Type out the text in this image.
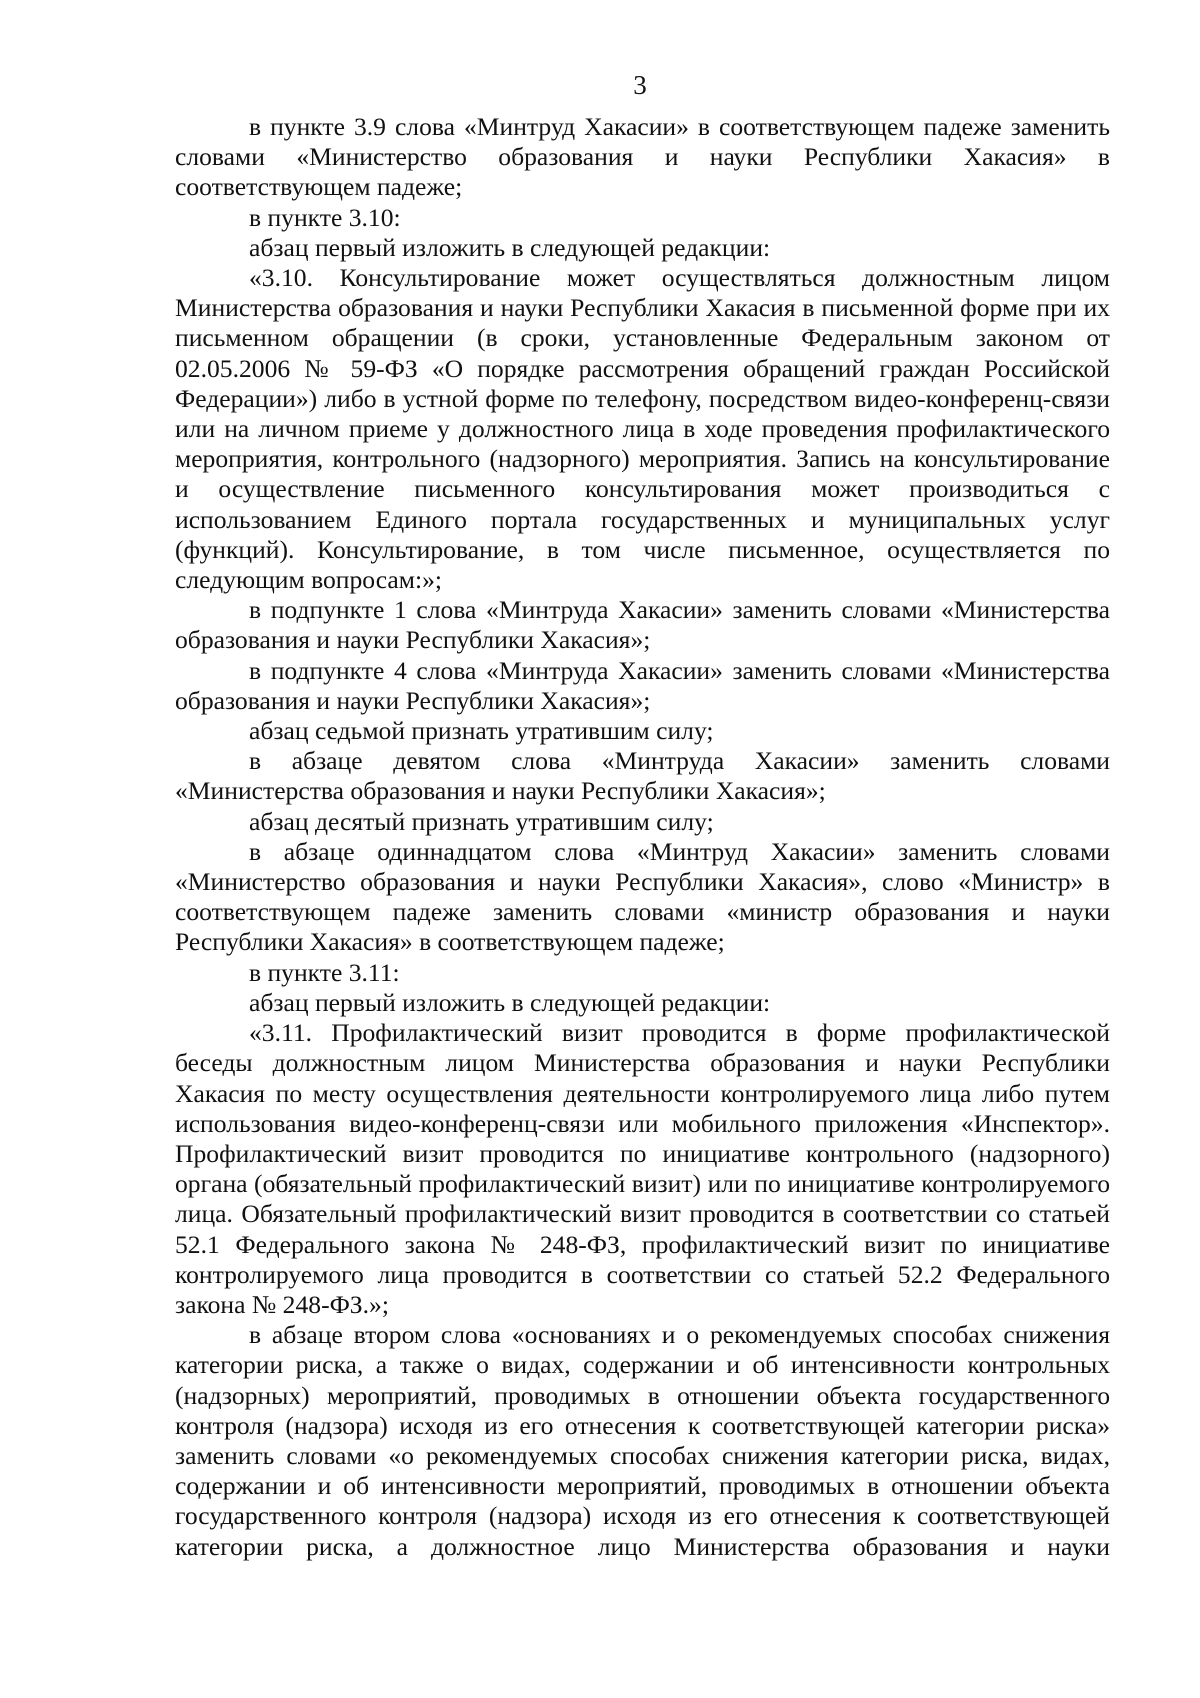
3

в пункте 3.9 слова «Минтруд Хакасии» в соответствующем падеже заменить словами «Министерство образования и науки Республики Хакасия» в соответствующем падеже;

в пункте 3.10:

абзац первый изложить в следующей редакции:

«3.10. Консультирование может осуществляться должностным лицом Министерства образования и науки Республики Хакасия в письменной форме при их письменном обращении (в сроки, установленные Федеральным законом от 02.05.2006 № 59-ФЗ «О порядке рассмотрения обращений граждан Российской Федерации») либо в устной форме по телефону, посредством видео-конференц-связи или на личном приеме у должностного лица в ходе проведения профилактического мероприятия, контрольного (надзорного) мероприятия. Запись на консультирование и осуществление письменного консультирования может производиться с использованием Единого портала государственных и муниципальных услуг (функций). Консультирование, в том числе письменное, осуществляется по следующим вопросам:»;

в подпункте 1 слова «Минтруда Хакасии» заменить словами «Министерства образования и науки Республики Хакасия»;

в подпункте 4 слова «Минтруда Хакасии» заменить словами «Министерства образования и науки Республики Хакасия»;

абзац седьмой признать утратившим силу;

в абзаце девятом слова «Минтруда Хакасии» заменить словами «Министерства образования и науки Республики Хакасия»;

абзац десятый признать утратившим силу;

в абзаце одиннадцатом слова «Минтруд Хакасии» заменить словами «Министерство образования и науки Республики Хакасия», слово «Министр» в соответствующем падеже заменить словами «министр образования и науки Республики Хакасия» в соответствующем падеже;

в пункте 3.11:

абзац первый изложить в следующей редакции:

«3.11. Профилактический визит проводится в форме профилактической беседы должностным лицом Министерства образования и науки Республики Хакасия по месту осуществления деятельности контролируемого лица либо путем использования видео-конференц-связи или мобильного приложения «Инспектор». Профилактический визит проводится по инициативе контрольного (надзорного) органа (обязательный профилактический визит) или по инициативе контролируемого лица. Обязательный профилактический визит проводится в соответствии со статьей 52.1 Федерального закона № 248-ФЗ, профилактический визит по инициативе контролируемого лица проводится в соответствии со статьей 52.2 Федерального закона № 248-ФЗ.»;

в абзаце втором слова «основаниях и о рекомендуемых способах снижения категории риска, а также о видах, содержании и об интенсивности контрольных (надзорных) мероприятий, проводимых в отношении объекта государственного контроля (надзора) исходя из его отнесения к соответствующей категории риска» заменить словами «о рекомендуемых способах снижения категории риска, видах, содержании и об интенсивности мероприятий, проводимых в отношении объекта государственного контроля (надзора) исходя из его отнесения к соответствующей категории риска, а должностное лицо Министерства образования и науки
